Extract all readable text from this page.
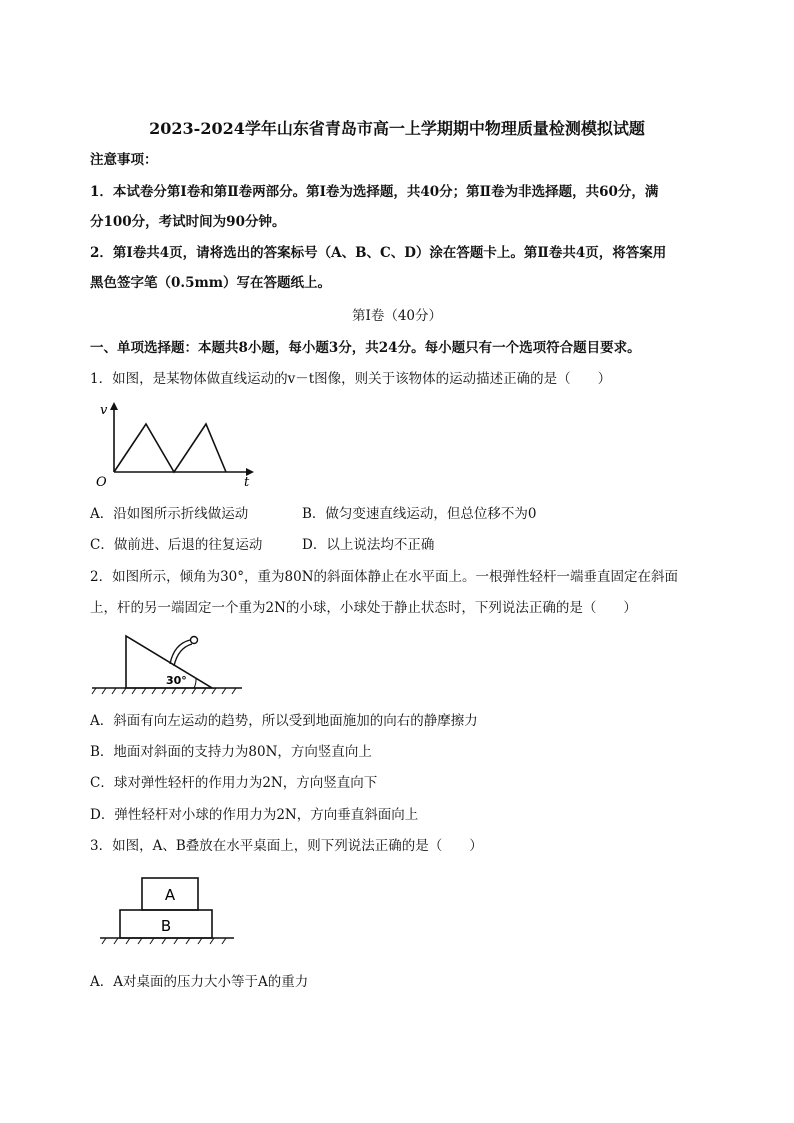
2023-2024学年山东省青岛市高一上学期期中物理质量检测模拟试题
注意事项：
1．本试卷分第Ⅰ卷和第Ⅱ卷两部分。第Ⅰ卷为选择题，共40分；第Ⅱ卷为非选择题，共60分，满
分100分，考试时间为90分钟。
2．第Ⅰ卷共4页，请将选出的答案标号（A、B、C、D）涂在答题卡上。第Ⅱ卷共4页，将答案用
黑色签字笔（0.5mm）写在答题纸上。
第Ⅰ卷（40分）
一、单项选择题：本题共8小题，每小题3分，共24分。每小题只有一个选项符合题目要求。
1．如图，是某物体做直线运动的v－t图像，则关于该物体的运动描述正确的是（　　）
v
t
O
A．沿如图所示折线做运动	B．做匀变速直线运动，但总位移不为0
C．做前进、后退的往复运动	D．以上说法均不正确
2．如图所示，倾角为30°，重为80N的斜面体静止在水平面上。一根弹性轻杆一端垂直固定在斜面
上，杆的另一端固定一个重为2N的小球，小球处于静止状态时，下列说法正确的是（　　）
30°
A．斜面有向左运动的趋势，所以受到地面施加的向右的静摩擦力
B．地面对斜面的支持力为80N，方向竖直向上
C．球对弹性轻杆的作用力为2N，方向竖直向下
D．弹性轻杆对小球的作用力为2N，方向垂直斜面向上
3．如图，A、B叠放在水平桌面上，则下列说法正确的是（　　）
A
B
A．A对桌面的压力大小等于A的重力
